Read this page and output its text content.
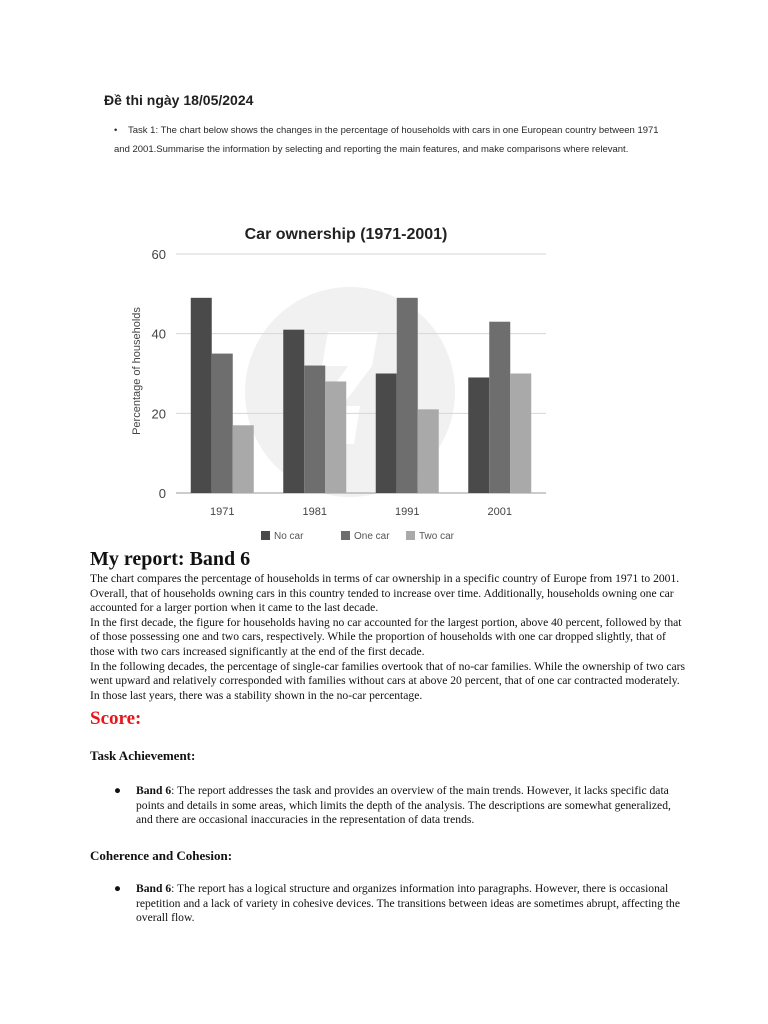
Đề thi ngày 18/05/2024
•	Task 1: The chart below shows the changes in the percentage of households with cars in one European country between 1971 and 2001.Summarise the information by selecting and reporting the main features, and make comparisons where relevant.
Car ownership (1971-2001)
Percentage of households
0
20
40
60
1971	1981	1991	2001
No car	One car	Two car
My report: Band 6

The chart compares the percentage of households in terms of car ownership in a specific country of Europe from 1971 to 2001. Overall, that of households owning cars in this country tended to increase over time. Additionally, households owning one car accounted for a larger portion when it came to the last decade.

In the first decade, the figure for households having no car accounted for the largest portion, above 40 percent, followed by that of those possessing one and two cars, respectively. While the proportion of households with one car dropped slightly, that of those with two cars increased significantly at the end of the first decade.

In the following decades, the percentage of single-car families overtook that of no-car families. While the ownership of two cars went upward and relatively corresponded with families without cars at above 20 percent, that of one car contracted moderately. In those last years, there was a stability shown in the no-car percentage.

Score:
Task Achievement:
● Band 6: The report addresses the task and provides an overview of the main trends. However, it lacks specific data points and details in some areas, which limits the depth of the analysis. The descriptions are somewhat generalized, and there are occasional inaccuracies in the representation of data trends.
Coherence and Cohesion:
● Band 6: The report has a logical structure and organizes information into paragraphs. However, there is occasional repetition and a lack of variety in cohesive devices. The transitions between ideas are sometimes abrupt, affecting the overall flow.
